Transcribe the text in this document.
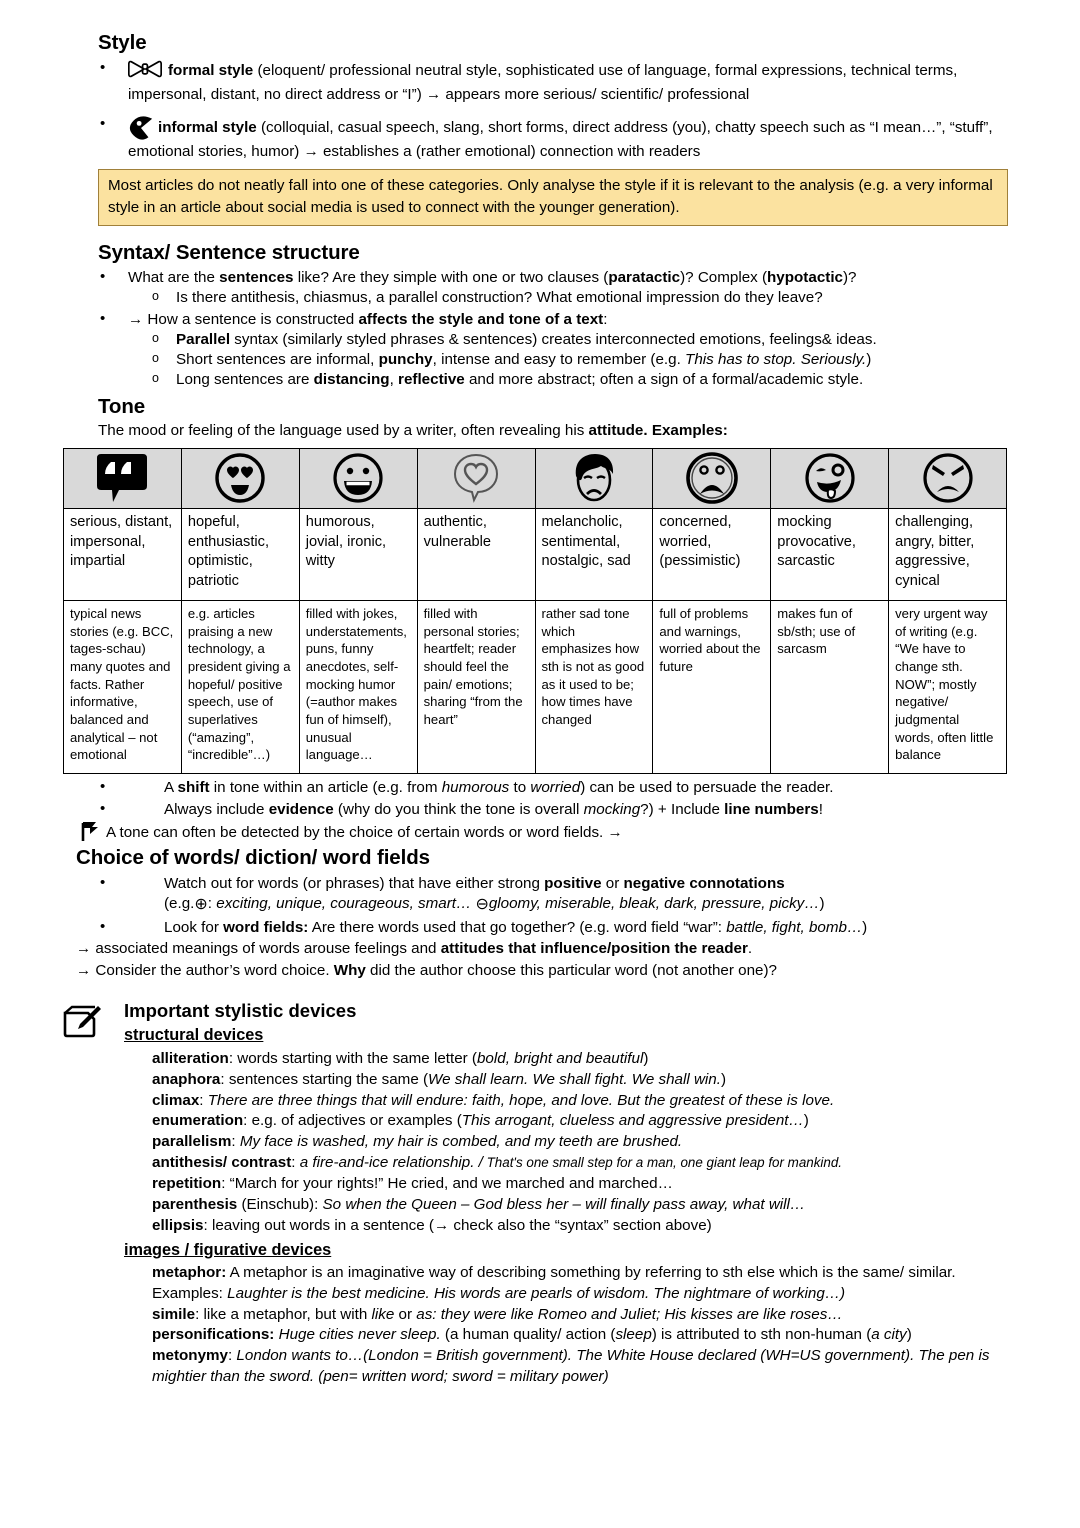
Style
• formal style (eloquent/ professional neutral style, sophisticated use of language, formal expressions, technical terms, impersonal, distant, no direct address or “I”) → appears more serious/ scientific/ professional
• informal style (colloquial, casual speech, slang, short forms, direct address (you), chatty speech such as “I mean…”, “stuff”, emotional stories, humor) → establishes a (rather emotional) connection with readers
Most articles do not neatly fall into one of these categories. Only analyse the style if it is relevant to the analysis (e.g. a very informal style in an article about social media is used to connect with the younger generation).
Syntax/ Sentence structure
• What are the sentences like? Are they simple with one or two clauses (paratactic)? Complex (hypotactic)?
o Is there antithesis, chiasmus, a parallel construction? What emotional impression do they leave?
• → How a sentence is constructed affects the style and tone of a text:
o Parallel syntax (similarly styled phrases & sentences) creates interconnected emotions, feelings& ideas.
o Short sentences are informal, punchy, intense and easy to remember (e.g. This has to stop. Seriously.)
o Long sentences are distancing, reflective and more abstract; often a sign of a formal/academic style.
Tone
The mood or feeling of the language used by a writer, often revealing his attitude. Examples:

serious, distant, impersonal, impartial	hopeful, enthusiastic, optimistic, patriotic	humorous, jovial, ironic, witty	authentic, vulnerable	melancholic, sentimental, nostalgic, sad	concerned, worried, (pessimistic)	mocking provocative, sarcastic	challenging, angry, bitter, aggressive, cynical
typical news stories (e.g. BCC, tages-schau) many quotes and facts. Rather informative, balanced and analytical – not emotional	e.g. articles praising a new technology, a president giving a hopeful/ positive speech, use of superlatives (“amazing”, “incredible”…)	filled with jokes, understatements, puns, funny anecdotes, self-mocking humor (=author makes fun of himself), unusual language…	filled with personal stories; heartfelt; reader should feel the pain/ emotions; sharing “from the heart”	rather sad tone which emphasizes how sth is not as good as it used to be; how times have changed	full of problems and warnings, worried about the future	makes fun of sb/sth; use of sarcasm	very urgent way of writing (e.g. “We have to change sth. NOW”; mostly negative/ judgmental words, often little balance
• A shift in tone within an article (e.g. from humorous to worried) can be used to persuade the reader.
• Always include evidence (why do you think the tone is overall mocking?) + Include line numbers!
A tone can often be detected by the choice of certain words or word fields. →
Choice of words/ diction/ word fields
• Watch out for words (or phrases) that have either strong positive or negative connotations
(e.g.⊕: exciting, unique, courageous, smart… ⊖gloomy, miserable, bleak, dark, pressure, picky…)
• Look for word fields: Are there words used that go together? (e.g. word field “war”: battle, fight, bomb…)
→ associated meanings of words arouse feelings and attitudes that influence/position the reader.
→ Consider the author’s word choice. Why did the author choose this particular word (not another one)?
Important stylistic devices
structural devices

alliteration: words starting with the same letter (bold, bright and beautiful)

anaphora: sentences starting the same (We shall learn. We shall fight. We shall win.)

climax: There are three things that will endure: faith, hope, and love. But the greatest of these is love.

enumeration: e.g. of adjectives or examples (This arrogant, clueless and aggressive president…)

parallelism: My face is washed, my hair is combed, and my teeth are brushed.

antithesis/ contrast: a fire-and-ice relationship. / That's one small step for a man, one giant leap for mankind.

repetition: “March for your rights!” He cried, and we marched and marched…

parenthesis (Einschub): So when the Queen – God bless her – will finally pass away, what will…

ellipsis: leaving out words in a sentence (→ check also the “syntax” section above)

images / figurative devices

metaphor: A metaphor is an imaginative way of describing something by referring to sth else which is the same/ similar. Examples: Laughter is the best medicine. His words are pearls of wisdom. The nightmare of working…)

simile: like a metaphor, but with like or as: they were like Romeo and Juliet; His kisses are like roses…

personifications: Huge cities never sleep. (a human quality/ action (sleep) is attributed to sth non-human (a city)

metonymy: London wants to…(London = British government). The White House declared (WH=US government). The pen is mightier than the sword. (pen= written word; sword = military power)
